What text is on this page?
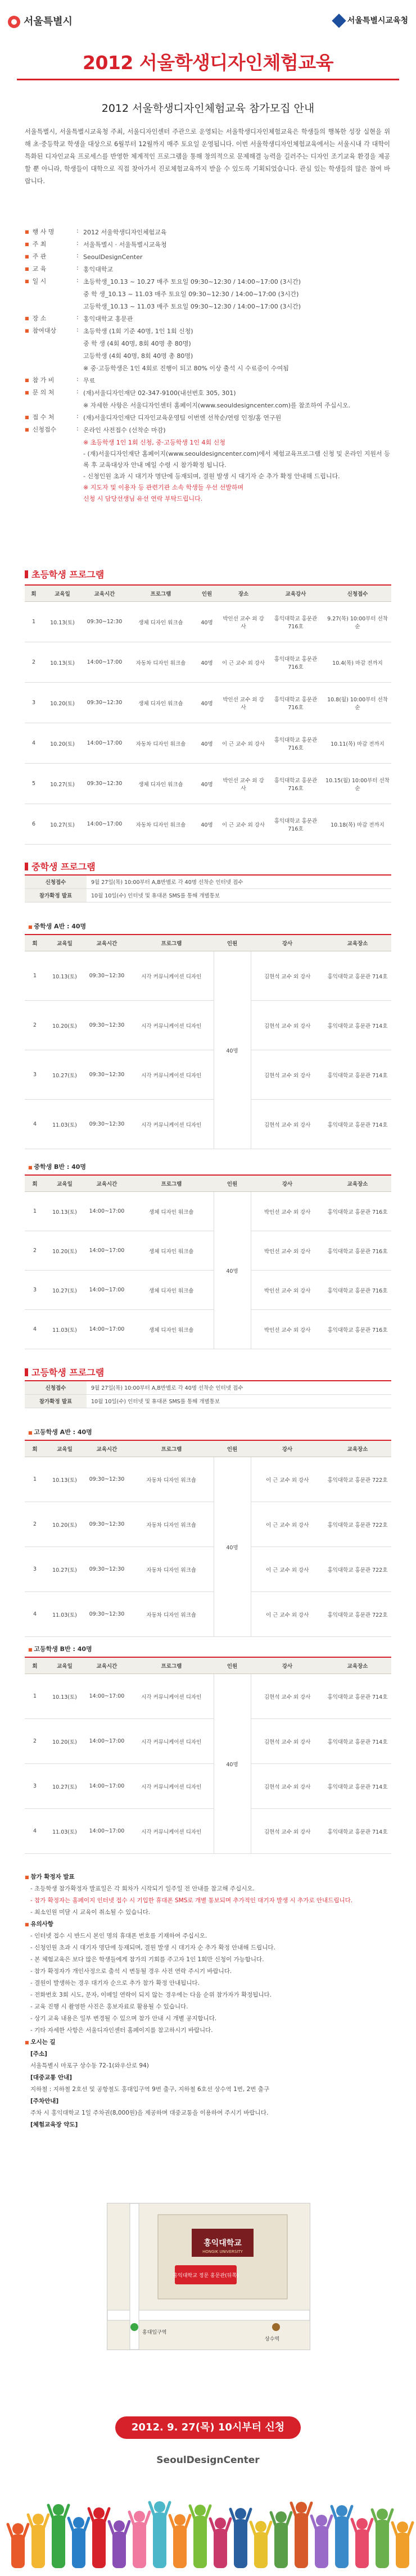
서울특별시	서울특별시교육청
2012 서울학생디자인체험교육
2012 서울학생디자인체험교육 참가모집 안내
서울특별시, 서울특별시교육청 주최, 서울디자인센터 주관으로 운영되는 서울학생디자인체험교육은 학생들의 행복한 성장 실현을 위해 초·중등학교 학생을 대상으로 6월부터 12월까지 매주 토요일 운영됩니다. 이번 서울학생디자인체험교육에서는 서울시내 각 대학이 특화된 디자인교육 프로세스를 반영한 체계적인 프로그램을 통해 창의적으로 문제해결 능력을 길러주는 디자인 조기교육 환경을 제공할 뿐 아니라, 학생들이 대학으로 직접 찾아가서 진로체험교육까지 받을 수 있도록 기획되었습니다. 관심 있는 학생들의 많은 참여 바랍니다.
■ 행 사 명	: 2012 서울학생디자인체험교육
■ 주 최	: 서울특별시 · 서울특별시교육청
■ 주 관	: SeoulDesignCenter
■ 교 육	: 홍익대학교
■ 일 시	: 초등학생_10.13 ~ 10.27 매주 토요일 09:30~12:30 / 14:00~17:00 (3시간)
중 학 생_10.13 ~ 11.03 매주 토요일 09:30~12:30 / 14:00~17:00 (3시간)
고등학생_10.13 ~ 11.03 매주 토요일 09:30~12:30 / 14:00~17:00 (3시간)
■ 장 소	: 홍익대학교 홍문관
■ 참여대상	: 초등학생 (1회 기준 40명, 1인 1회 신청)
중 학 생 (4회 40명, 8회 40명 총 80명)
고등학생 (4회 40명, 8회 40명 총 80명)
※ 중·고등학생은 1인 4회로 진행이 되고 80% 이상 출석 시 수료증이 수여됨
■ 참 가 비	: 무료
■ 문 의 처	: (재)서울디자인재단 02-347-9100(내선번호 305, 301)
※ 자세한 사항은 서울디자인센터 홈페이지(www.seouldesigncenter.com)를 참조하여 주십시오.
■ 접 수 처	: (재)서울디자인재단 디자인교육운영팀 이번엔 선착순/연령 인정/홈 연구원
■ 신청접수	: 온라인 사전접수 (선착순 마감)
※ 초등학생 1인 1회 신청, 중·고등학생 1인 4회 신청
- (재)서울디자인재단 홈페이지(www.seouldesigncenter.com)에서 체험교육프로그램 신청 및 온라인 지원서 등록 후 교육대상자 안내 메일 수령 시 참가확정 됩니다.
- 신청인원 초과 시 대기자 명단에 등재되며, 결원 발생 시 대기자 순 추가 확정 안내해 드립니다.
※ 지도자 및 이용자 등 관련기관 소속 학생들 우선 선발하며
신청 시 담당선생님 유선 연락 부탁드립니다.
초등학생 프로그램
회	교육일	교육시간	프로그램	인원	장소	교육강사	신청접수
1	10.13(토)	09:30~12:30	생체 디자인 워크숍	40명	박인선 교수 외 강사	홍익대학교 홍문관 716호	9.27(목) 10:00부터 선착순
2	10.13(토)	14:00~17:00	자동차 디자인 워크숍	40명	이 근 교수 외 강사	홍익대학교 홍문관 716호	10.4(목) 마감 전까지
3	10.20(토)	09:30~12:30	생체 디자인 워크숍	40명	박인선 교수 외 강사	홍익대학교 홍문관 716호	10.8(월) 10:00부터 선착순
4	10.20(토)	14:00~17:00	자동차 디자인 워크숍	40명	이 근 교수 외 강사	홍익대학교 홍문관 716호	10.11(목) 마감 전까지
5	10.27(토)	09:30~12:30	생체 디자인 워크숍	40명	박인선 교수 외 강사	홍익대학교 홍문관 716호	10.15(월) 10:00부터 선착순
6	10.27(토)	14:00~17:00	자동차 디자인 워크숍	40명	이 근 교수 외 강사	홍익대학교 홍문관 716호	10.18(목) 마감 전까지
중학생 프로그램
신청접수	9월 27일(목) 10:00부터 A,B반별로 각 40명 선착순 인터넷 접수
참가확정 발표	10월 10일(수) 인터넷 및 휴대폰 SMS를 통해 개별통보
■ 중학생 A반 : 40명
회	교육일	교육시간	프로그램	인원	강사	교육장소
1	10.13(토)	09:30~12:30	시각 커뮤니케이션 디자인	40명	김현석 교수 외 강사	홍익대학교 홍문관 714호
2	10.20(토)	09:30~12:30	시각 커뮤니케이션 디자인		김현석 교수 외 강사	홍익대학교 홍문관 714호
3	10.27(토)	09:30~12:30	시각 커뮤니케이션 디자인		김현석 교수 외 강사	홍익대학교 홍문관 714호
4	11.03(토)	09:30~12:30	시각 커뮤니케이션 디자인		김현석 교수 외 강사	홍익대학교 홍문관 714호
■ 중학생 B반 : 40명
회	교육일	교육시간	프로그램	인원	강사	교육장소
1	10.13(토)	14:00~17:00	생체 디자인 워크숍	40명	박인선 교수 외 강사	홍익대학교 홍문관 716호
2	10.20(토)	14:00~17:00	생체 디자인 워크숍		박인선 교수 외 강사	홍익대학교 홍문관 716호
3	10.27(토)	14:00~17:00	생체 디자인 워크숍		박인선 교수 외 강사	홍익대학교 홍문관 716호
4	11.03(토)	14:00~17:00	생체 디자인 워크숍		박인선 교수 외 강사	홍익대학교 홍문관 716호
고등학생 프로그램
신청접수	9월 27일(목) 10:00부터 A,B반별로 각 40명 선착순 인터넷 접수
참가확정 발표	10월 10일(수) 인터넷 및 휴대폰 SMS를 통해 개별통보
■ 고등학생 A반 : 40명
회	교육일	교육시간	프로그램	인원	강사	교육장소
1	10.13(토)	09:30~12:30	자동차 디자인 워크숍	40명	이 근 교수 외 강사	홍익대학교 홍문관 722호
2	10.20(토)	09:30~12:30	자동차 디자인 워크숍		이 근 교수 외 강사	홍익대학교 홍문관 722호
3	10.27(토)	09:30~12:30	자동차 디자인 워크숍		이 근 교수 외 강사	홍익대학교 홍문관 722호
4	11.03(토)	09:30~12:30	자동차 디자인 워크숍		이 근 교수 외 강사	홍익대학교 홍문관 722호
■ 고등학생 B반 : 40명
회	교육일	교육시간	프로그램	인원	강사	교육장소
1	10.13(토)	14:00~17:00	시각 커뮤니케이션 디자인	40명	김현석 교수 외 강사	홍익대학교 홍문관 714호
2	10.20(토)	14:00~17:00	시각 커뮤니케이션 디자인		김현석 교수 외 강사	홍익대학교 홍문관 714호
3	10.27(토)	14:00~17:00	시각 커뮤니케이션 디자인		김현석 교수 외 강사	홍익대학교 홍문관 714호
4	11.03(토)	14:00~17:00	시각 커뮤니케이션 디자인		김현석 교수 외 강사	홍익대학교 홍문관 714호
■ 참가 확정자 발표
- 초등학생 참가확정자 발표일은 각 회차가 시작되기 일주일 전 안내를 참고해 주십시오.
- 참가 확정자는 홈페이지 인터넷 접수 시 기입한 휴대폰 SMS로 개별 통보되며 추가적인 대기자 발생 시 추가로 안내드립니다.
- 최소인원 미달 시 교육이 취소될 수 있습니다.
■ 유의사항
- 인터넷 접수 시 반드시 본인 명의 휴대폰 번호를 기재하여 주십시오.
- 신청인원 초과 시 대기자 명단에 등재되며, 결원 발생 시 대기자 순 추가 확정 안내해 드립니다.
- 본 체험교육은 보다 많은 학생들에게 참가의 기회를 주고자 1인 1회만 신청이 가능합니다.
- 참가 확정자가 개인사정으로 출석 시 변동될 경우 사전 연락 주시기 바랍니다.
- 결원이 발생하는 경우 대기자 순으로 추가 참가 확정 안내됩니다.
- 전화번호 3회 시도, 문자, 이메일 연락이 되지 않는 경우에는 다음 순위 참가자가 확정됩니다.
- 교육 진행 시 촬영한 사진은 홍보자료로 활용될 수 있습니다.
- 상기 교육 내용은 일부 변경될 수 있으며 참가 안내 시 개별 공지합니다.
- 기타 자세한 사항은 서울디자인센터 홈페이지를 참고하시기 바랍니다.
■ 오시는 길
[주소]
서울특별시 마포구 상수동 72-1(와우산로 94)
[대중교통 안내]
지하철 : 지하철 2호선 및 공항철도 홍대입구역 9번 출구, 지하철 6호선 상수역 1번, 2번 출구
[주차안내]
주차 시 홍익대학교 1일 주차권(8,000원)을 제공하며 대중교통을 이용하여 주시기 바랍니다.
[체험교육장 약도]
홍익대학교
HONGIK UNIVERSITY
홍익대학교 정문 홍문관(뒤쪽)
홍대입구역
상수역
2012. 9. 27(목) 10시부터 신청
SeoulDesignCenter
